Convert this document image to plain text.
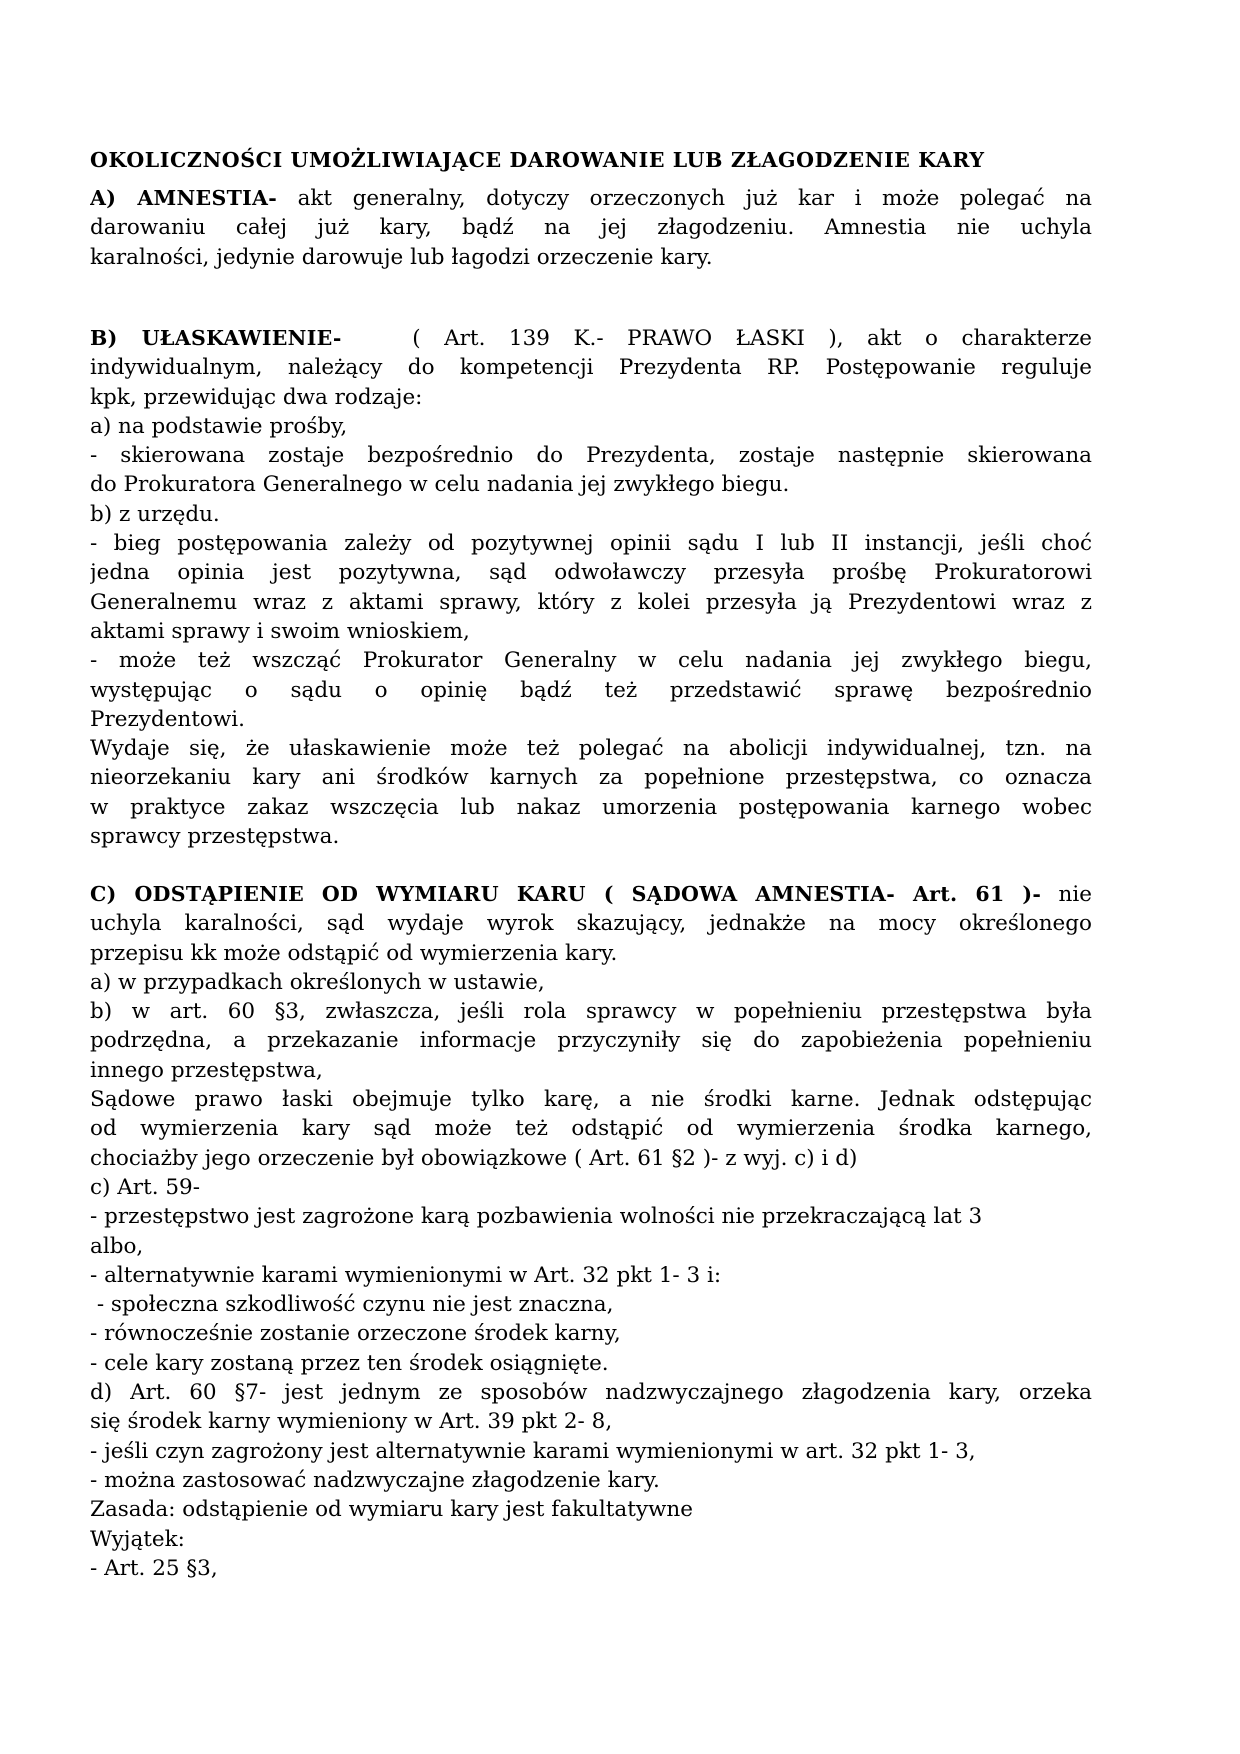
OKOLICZNOŚCI UMOŻLIWIAJĄCE DAROWANIE LUB ZŁAGODZENIE KARY
A) AMNESTIA- akt generalny, dotyczy orzeczonych już kar i może polegać na
darowaniu całej już kary, bądź na jej złagodzeniu. Amnestia nie uchyla
karalności, jedynie darowuje lub łagodzi orzeczenie kary.
B) UŁASKAWIENIE-   ( Art. 139 K.- PRAWO ŁASKI ), akt o charakterze
indywidualnym, należący do kompetencji Prezydenta RP. Postępowanie reguluje
kpk, przewidując dwa rodzaje:
a) na podstawie prośby,
- skierowana zostaje bezpośrednio do Prezydenta, zostaje następnie skierowana
do Prokuratora Generalnego w celu nadania jej zwykłego biegu.
b) z urzędu.
- bieg postępowania zależy od pozytywnej opinii sądu I lub II instancji, jeśli choć
jedna opinia jest pozytywna, sąd odwoławczy przesyła prośbę Prokuratorowi
Generalnemu wraz z aktami sprawy, który z kolei przesyła ją Prezydentowi wraz z
aktami sprawy i swoim wnioskiem,
- może też wszcząć Prokurator Generalny w celu nadania jej zwykłego biegu,
występując o sądu o opinię bądź też przedstawić sprawę bezpośrednio
Prezydentowi.
Wydaje się, że ułaskawienie może też polegać na abolicji indywidualnej, tzn. na
nieorzekaniu kary ani środków karnych za popełnione przestępstwa, co oznacza
w praktyce zakaz wszczęcia lub nakaz umorzenia postępowania karnego wobec
sprawcy przestępstwa.
C) ODSTĄPIENIE OD WYMIARU KARU ( SĄDOWA AMNESTIA- Art. 61 )- nie
uchyla karalności, sąd wydaje wyrok skazujący, jednakże na mocy określonego
przepisu kk może odstąpić od wymierzenia kary.
a) w przypadkach określonych w ustawie,
b) w art. 60 §3, zwłaszcza, jeśli rola sprawcy w popełnieniu przestępstwa była
podrzędna, a przekazanie informacje przyczyniły się do zapobieżenia popełnieniu
innego przestępstwa,
Sądowe prawo łaski obejmuje tylko karę, a nie środki karne. Jednak odstępując
od wymierzenia kary sąd może też odstąpić od wymierzenia środka karnego,
chociażby jego orzeczenie był obowiązkowe ( Art. 61 §2 )- z wyj. c) i d)
c) Art. 59-
- przestępstwo jest zagrożone karą pozbawienia wolności nie przekraczającą lat 3
albo,
- alternatywnie karami wymienionymi w Art. 32 pkt 1- 3 i:
- społeczna szkodliwość czynu nie jest znaczna,
- równocześnie zostanie orzeczone środek karny,
- cele kary zostaną przez ten środek osiągnięte.
d) Art. 60 §7- jest jednym ze sposobów nadzwyczajnego złagodzenia kary, orzeka
się środek karny wymieniony w Art. 39 pkt 2- 8,
- jeśli czyn zagrożony jest alternatywnie karami wymienionymi w art. 32 pkt 1- 3,
- można zastosować nadzwyczajne złagodzenie kary.
Zasada: odstąpienie od wymiaru kary jest fakultatywne
Wyjątek:
- Art. 25 §3,
